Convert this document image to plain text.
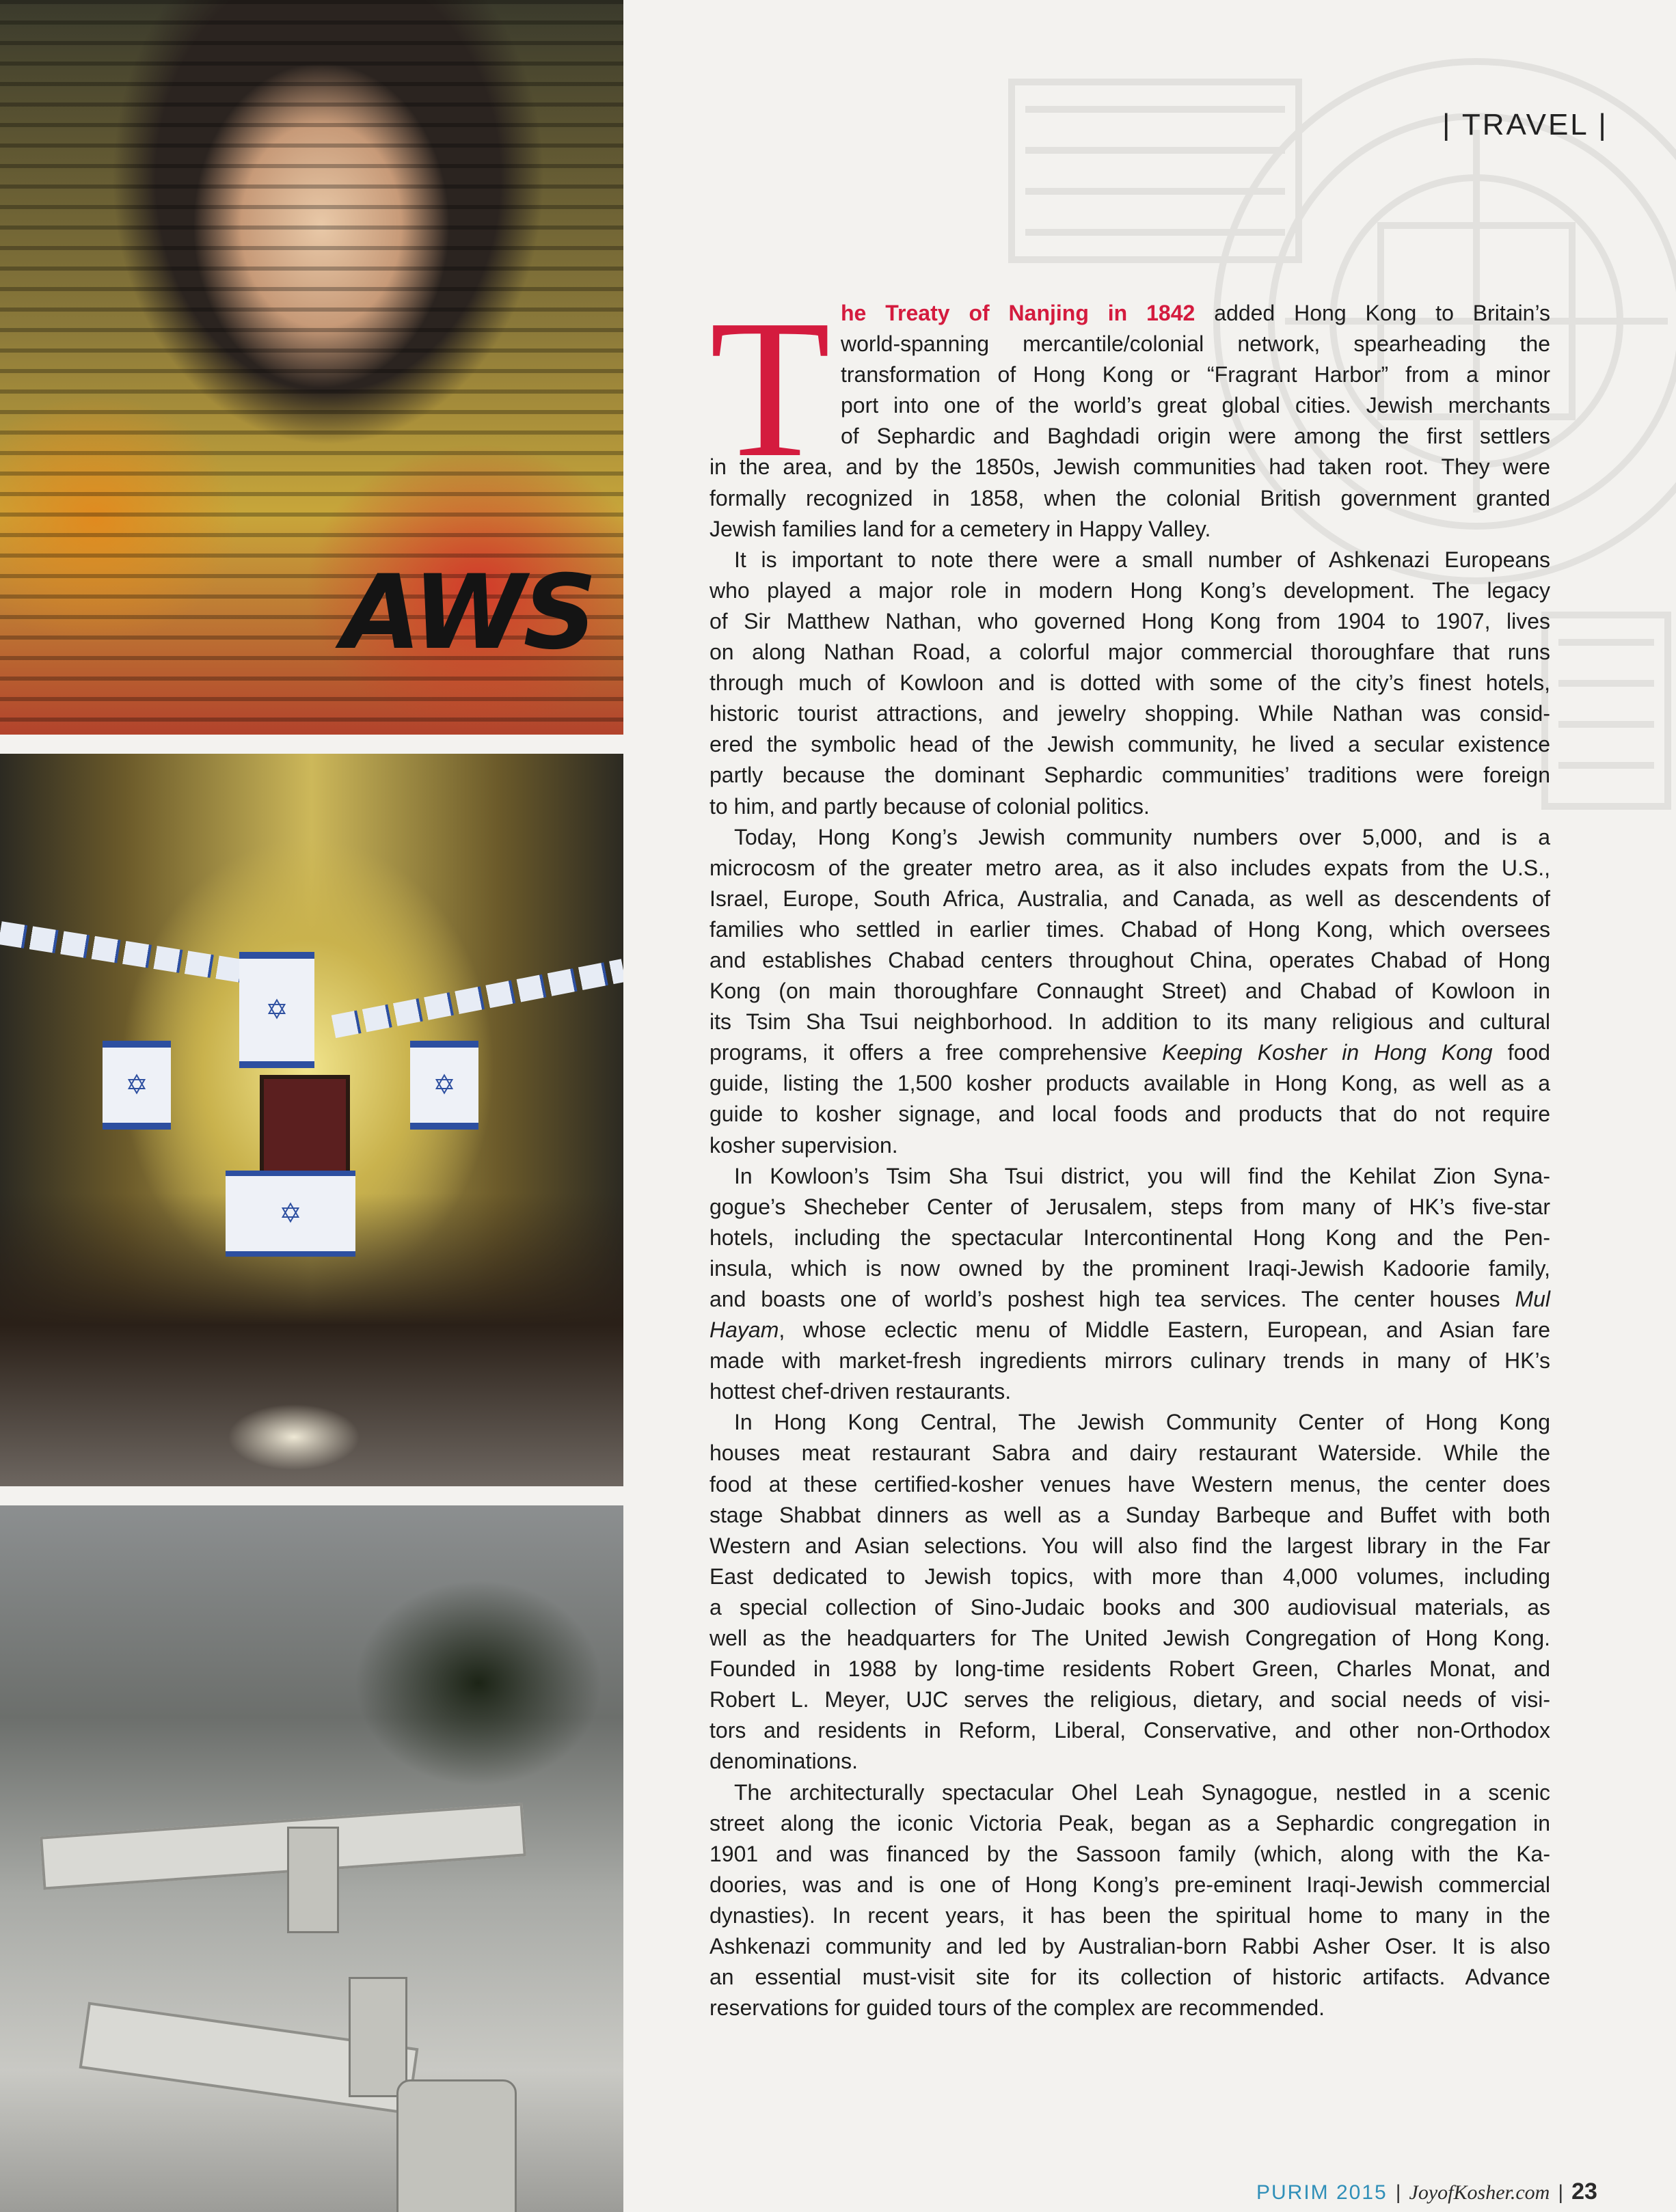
AWS
✡
✡	✡
✡
| TRAVEL |
T he Treaty of Nanjing in 1842 added Hong Kong to Britain’s
world-spanning mercantile/colonial network, spearheading the
transformation of Hong Kong or “Fragrant Harbor” from a minor
port into one of the world’s great global cities. Jewish merchants
of Sephardic and Baghdadi origin were among the first settlers
in the area, and by the 1850s, Jewish communities had taken root. They were
formally recognized in 1858, when the colonial British government granted
Jewish families land for a cemetery in Happy Valley.

It is important to note there were a small number of Ashkenazi Europeans
who played a major role in modern Hong Kong’s development. The legacy
of Sir Matthew Nathan, who governed Hong Kong from 1904 to 1907, lives
on along Nathan Road, a colorful major commercial thoroughfare that runs
through much of Kowloon and is dotted with some of the city’s finest hotels,
historic tourist attractions, and jewelry shopping. While Nathan was consid-
ered the symbolic head of the Jewish community, he lived a secular existence
partly because the dominant Sephardic communities’ traditions were foreign
to him, and partly because of colonial politics.

Today, Hong Kong’s Jewish community numbers over 5,000, and is a
microcosm of the greater metro area, as it also includes expats from the U.S.,
Israel, Europe, South Africa, Australia, and Canada, as well as descendents of
families who settled in earlier times. Chabad of Hong Kong, which oversees
and establishes Chabad centers throughout China, operates Chabad of Hong
Kong (on main thoroughfare Connaught Street) and Chabad of Kowloon in
its Tsim Sha Tsui neighborhood. In addition to its many religious and cultural
programs, it offers a free comprehensive Keeping Kosher in Hong Kong food
guide, listing the 1,500 kosher products available in Hong Kong, as well as a
guide to kosher signage, and local foods and products that do not require
kosher supervision.

In Kowloon’s Tsim Sha Tsui district, you will find the Kehilat Zion Syna-
gogue’s Shecheber Center of Jerusalem, steps from many of HK’s five-star
hotels, including the spectacular Intercontinental Hong Kong and the Pen-
insula, which is now owned by the prominent Iraqi-Jewish Kadoorie family,
and boasts one of world’s poshest high tea services. The center houses Mul
Hayam, whose eclectic menu of Middle Eastern, European, and Asian fare
made with market-fresh ingredients mirrors culinary trends in many of HK’s
hottest chef-driven restaurants.

In Hong Kong Central, The Jewish Community Center of Hong Kong
houses meat restaurant Sabra and dairy restaurant Waterside. While the
food at these certified-kosher venues have Western menus, the center does
stage Shabbat dinners as well as a Sunday Barbeque and Buffet with both
Western and Asian selections. You will also find the largest library in the Far
East dedicated to Jewish topics, with more than 4,000 volumes, including
a special collection of Sino-Judaic books and 300 audiovisual materials, as
well as the headquarters for The United Jewish Congregation of Hong Kong.
Founded in 1988 by long-time residents Robert Green, Charles Monat, and
Robert L. Meyer, UJC serves the religious, dietary, and social needs of visi-
tors and residents in Reform, Liberal, Conservative, and other non-Orthodox
denominations.

The architecturally spectacular Ohel Leah Synagogue, nestled in a scenic
street along the iconic Victoria Peak, began as a Sephardic congregation in
1901 and was financed by the Sassoon family (which, along with the Ka-
doories, was and is one of Hong Kong’s pre-eminent Iraqi-Jewish commercial
dynasties). In recent years, it has been the spiritual home to many in the
Ashkenazi community and led by Australian-born Rabbi Asher Oser. It is also
an essential must-visit site for its collection of historic artifacts. Advance
reservations for guided tours of the complex are recommended.

PURIM 2015 | JoyofKosher.com | 23
